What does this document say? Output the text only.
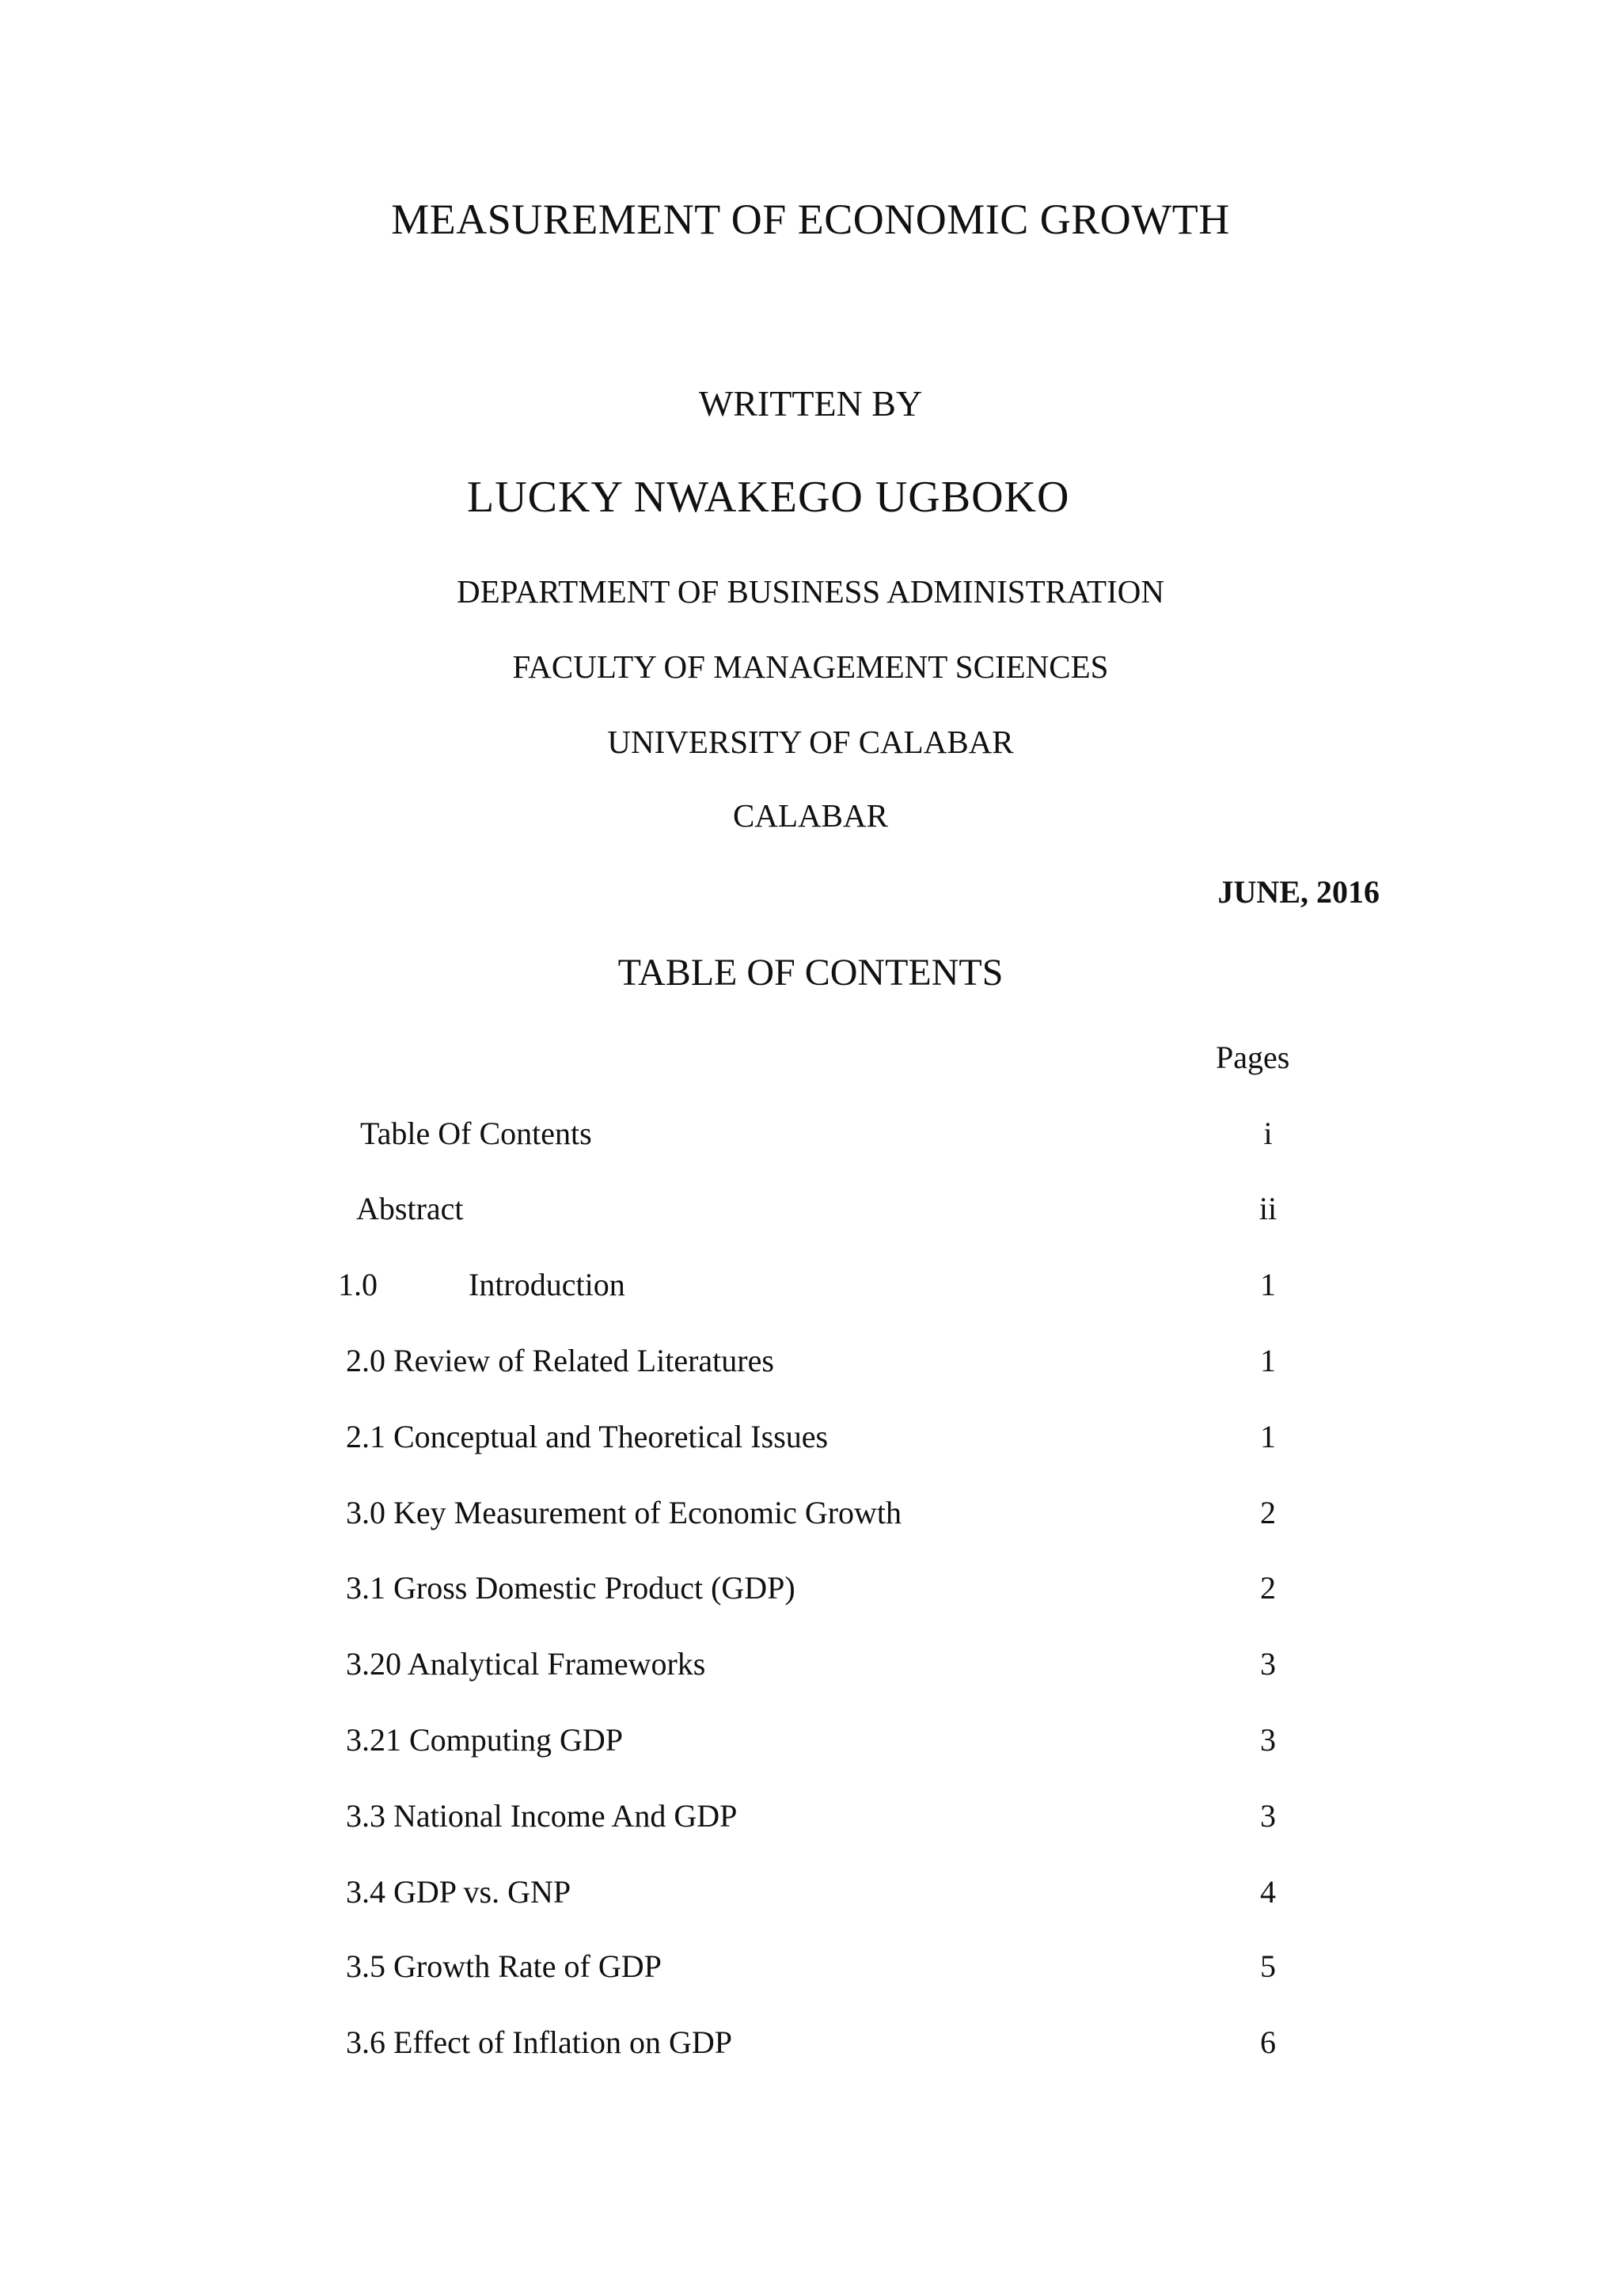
MEASUREMENT OF ECONOMIC GROWTH
WRITTEN BY
LUCKY NWAKEGO UGBOKO
DEPARTMENT OF BUSINESS ADMINISTRATION
FACULTY OF MANAGEMENT SCIENCES
UNIVERSITY OF CALABAR
CALABAR
JUNE, 2016
TABLE OF CONTENTS
Pages
Table Of Contents	i
Abstract	ii
1.0	Introduction	1
2.0 Review of Related Literatures	1
2.1 Conceptual and Theoretical Issues	1
3.0 Key Measurement of Economic Growth	2
3.1 Gross Domestic Product (GDP)	2
3.20 Analytical Frameworks	3
3.21 Computing GDP	3
3.3 National Income And GDP	3
3.4 GDP vs. GNP	4
3.5 Growth Rate of GDP	5
3.6 Effect of Inflation on GDP	6
